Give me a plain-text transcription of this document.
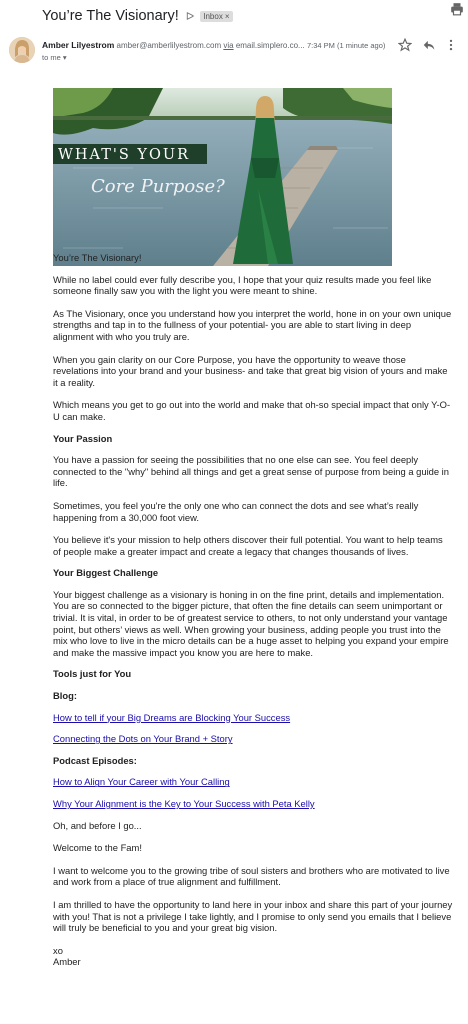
You’re The Visionary! ᐅ Inbox ×
Amber Lilyestrom amber@amberlilyestrom.com via email.simplero.co... 7:34 PM (1 minute ago)
to me ▾
WHAT'S YOUR
Core Purpose?

You’re The Visionary!

While no label could ever fully describe you, I hope that your quiz results made you feel like someone finally saw you with the light you were meant to shine.

As The Visionary, once you understand how you interpret the world, hone in on your own unique strengths and tap in to the fullness of your potential- you are able to start living in deep alignment with who you truly are.

When you gain clarity on our Core Purpose, you have the opportunity to weave those revelations into your brand and your business- and take that great big vision of yours and make it a reality.

Which means you get to go out into the world and make that oh-so special impact that only Y-O-U can make.

Your Passion

You have a passion for seeing the possibilities that no one else can see. You feel deeply connected to the "why" behind all things and get a great sense of purpose from being a guide in life.

Sometimes, you feel you're the only one who can connect the dots and see what’s really happening from a 30,000 foot view.

You believe it's your mission to help others discover their full potential. You want to help teams of people make a greater impact and create a legacy that changes thousands of lives.

Your Biggest Challenge

Your biggest challenge as a visionary is honing in on the fine print, details and implementation. You are so connected to the bigger picture, that often the fine details can seem unimportant or trivial. It is vital, in order to be of greatest service to others, to not only understand your vantage point, but others’ views as well. When growing your business, adding people you trust into the mix who love to live in the micro details can be a huge asset to helping you expand your empire and make the massive impact you know you are here to make.

Tools just for You

Blog:

How to tell if your Big Dreams are Blocking Your Success

Connecting the Dots on Your Brand + Story

Podcast Episodes:

How to Align Your Career with Your Calling

Why Your Alignment is the Key to Your Success with Peta Kelly

Oh, and before I go...

Welcome to the Fam!

I want to welcome you to the growing tribe of soul sisters and brothers who are motivated to live and work from a place of true alignment and fulfillment.

I am thrilled to have the opportunity to land here in your inbox and share this part of your journey with you! That is not a privilege I take lightly, and I promise to only send you emails that I believe will truly be beneficial to you and your great big vision.

xo

Amber
